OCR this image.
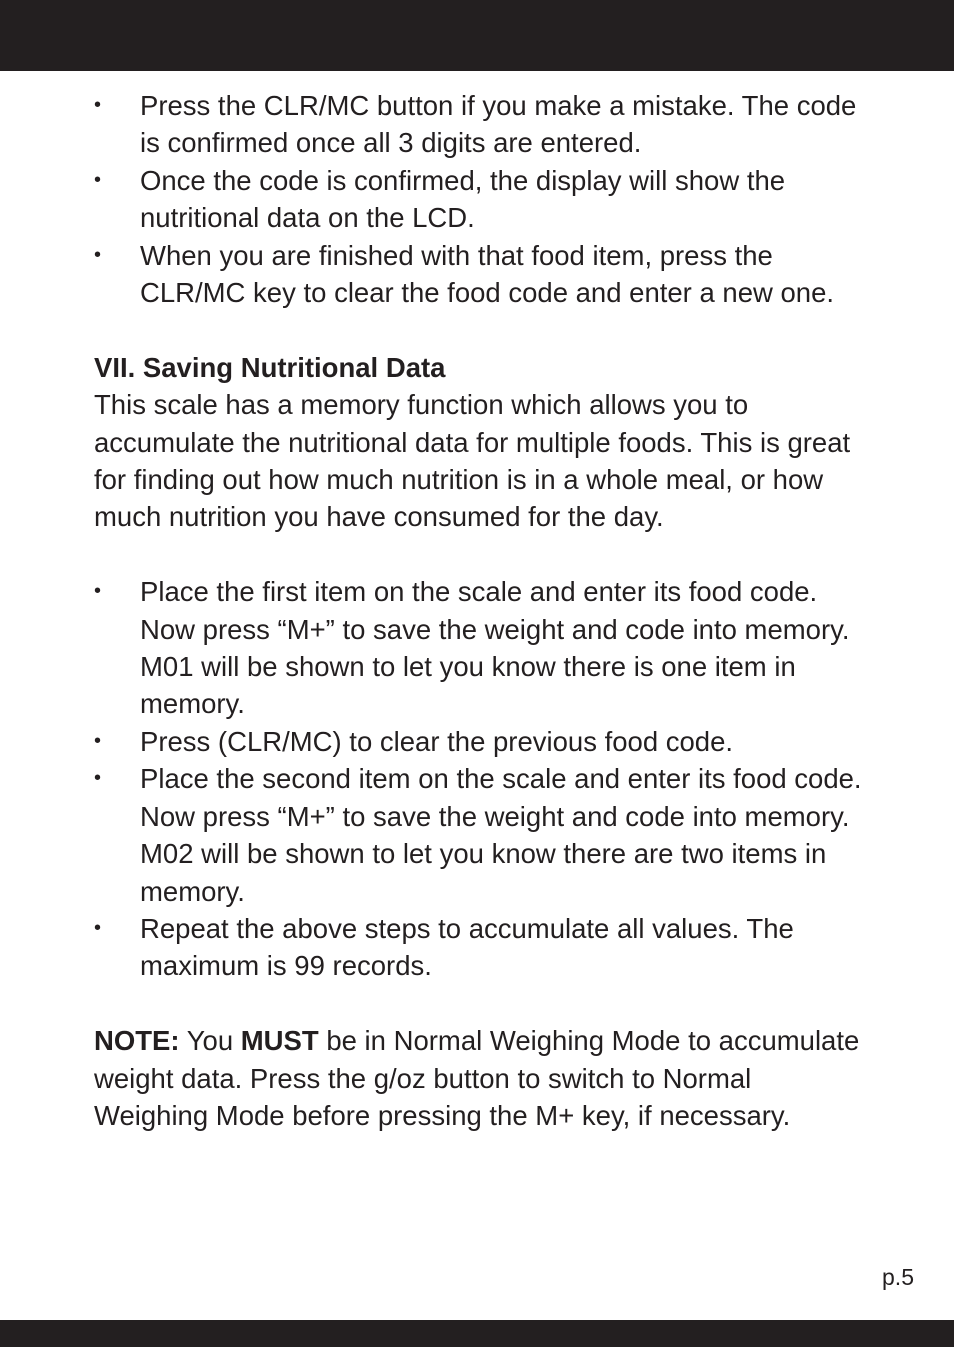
• Press the CLR/MC button if you make a mistake. The code is confirmed once all 3 digits are entered.
• Once the code is confirmed, the display will show the nutritional data on the LCD.
• When you are finished with that food item, press the CLR/MC key to clear the food code and enter a new one.
VII. Saving Nutritional Data

This scale has a memory function which allows you to accumulate the nutritional data for multiple foods. This is great for finding out how much nutrition is in a whole meal, or how much nutrition you have consumed for the day.

• Place the first item on the scale and enter its food code. Now press “M+” to save the weight and code into memory. M01 will be shown to let you know there is one item in memory.
• Press (CLR/MC) to clear the previous food code.
• Place the second item on the scale and enter its food code. Now press “M+” to save the weight and code into memory. M02 will be shown to let you know there are two items in memory.
• Repeat the above steps to accumulate all values. The maximum is 99 records.

NOTE: You MUST be in Normal Weighing Mode to accumulate weight data. Press the g/oz button to switch to Normal Weighing Mode before pressing the M+ key, if necessary.

p.5
